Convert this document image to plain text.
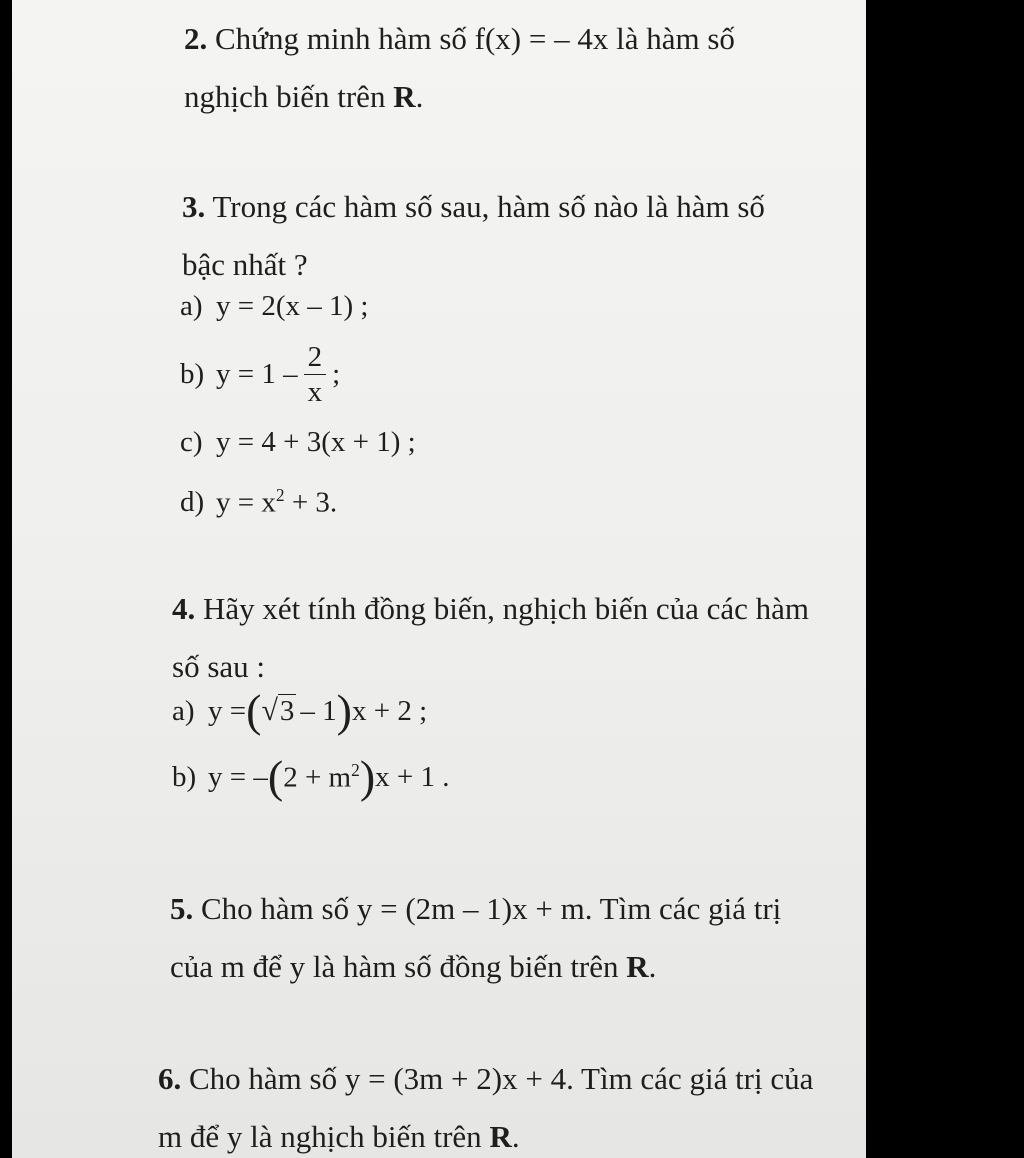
2. Chứng minh hàm số f(x) = – 4x là hàm số nghịch biến trên R.
3. Trong các hàm số sau, hàm số nào là hàm số bậc nhất ?
a) y = 2(x – 1) ;
b) $y = 1 - \frac{2}{x}$ ;
c) y = 4 + 3(x + 1) ;
d) $y = x^2 + 3$.
4. Hãy xét tính đồng biến, nghịch biến của các hàm số sau :
a) y = ( √ 3 – 1 ) x + 2 ;
b) y = – ( $2 + m^2$ ) x + 1 .
5. Cho hàm số y = (2m – 1)x + m. Tìm các giá trị của m để y là hàm số đồng biến trên R.
6. Cho hàm số y = (3m + 2)x + 4. Tìm các giá trị của m để y là nghịch biến trên R.
